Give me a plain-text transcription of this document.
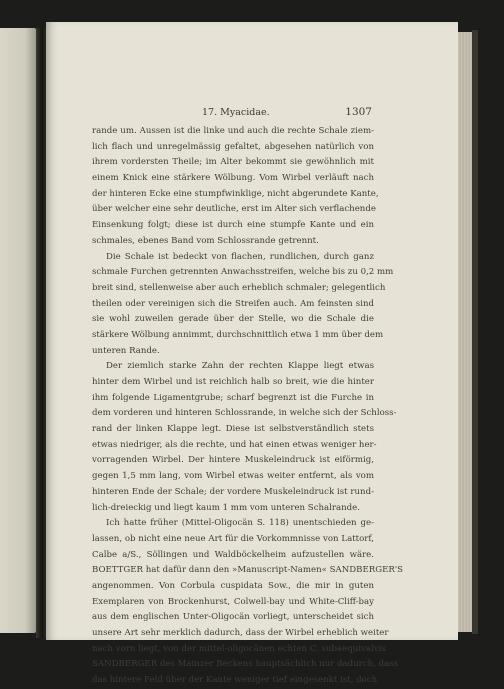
17. Myacidae.	1307
rande um. Aussen ist die linke und auch die rechte Schale ziem-
lich flach und unregelmässig gefaltet, abgesehen natürlich von
ihrem vordersten Theile; im Alter bekommt sie gewöhnlich mit
einem Knick eine stärkere Wölbung. Vom Wirbel verläuft nach
der hinteren Ecke eine stumpfwinklige, nicht abgerundete Kante,
über welcher eine sehr deutliche, erst im Alter sich verflachende
Einsenkung folgt; diese ist durch eine stumpfe Kante und ein
schmales, ebenes Band vom Schlossrande getrennt.
Die Schale ist bedeckt von flachen, rundlichen, durch ganz
schmale Furchen getrennten Anwachsstreifen, welche bis zu 0,2 mm
breit sind, stellenweise aber auch erheblich schmaler; gelegentlich
theilen oder vereinigen sich die Streifen auch. Am feinsten sind
sie wohl zuweilen gerade über der Stelle, wo die Schale die
stärkere Wölbung annimmt, durchschnittlich etwa 1 mm über dem
unteren Rande.
Der ziemlich starke Zahn der rechten Klappe liegt etwas
hinter dem Wirbel und ist reichlich halb so breit, wie die hinter
ihm folgende Ligamentgrube; scharf begrenzt ist die Furche in
dem vorderen und hinteren Schlossrande, in welche sich der Schloss-
rand der linken Klappe legt. Diese ist selbstverständlich stets
etwas niedriger, als die rechte, und hat einen etwas weniger her-
vorragenden Wirbel. Der hintere Muskeleindruck ist eiförmig,
gegen 1,5 mm lang, vom Wirbel etwas weiter entfernt, als vom
hinteren Ende der Schale; der vordere Muskeleindruck ist rund-
lich-dreieckig und liegt kaum 1 mm vom unteren Schalrande.
Ich hatte früher (Mittel-Oligocän S. 118) unentschieden ge-
lassen, ob nicht eine neue Art für die Vorkommnisse von Lattorf,
Calbe a/S., Söllingen und Waldböckelheim aufzustellen wäre.
BOETTGER hat dafür dann den »Manuscript-Namen« SANDBERGER'S
angenommen. Von Corbula cuspidata Sow., die mir in guten
Exemplaren von Brockenhurst, Colwell-bay und White-Cliff-bay
aus dem englischen Unter-Oligocän vorliegt, unterscheidet sich
unsere Art sehr merklich dadurch, dass der Wirbel erheblich weiter
nach vorn liegt, von der mittel-oligocänen echten C. subaequivalvis
SANDBERGER des Mainzer Beckens hauptsächlich nur dadurch, dass
das hintere Feld über der Kante weniger tief eingesenkt ist, doch
